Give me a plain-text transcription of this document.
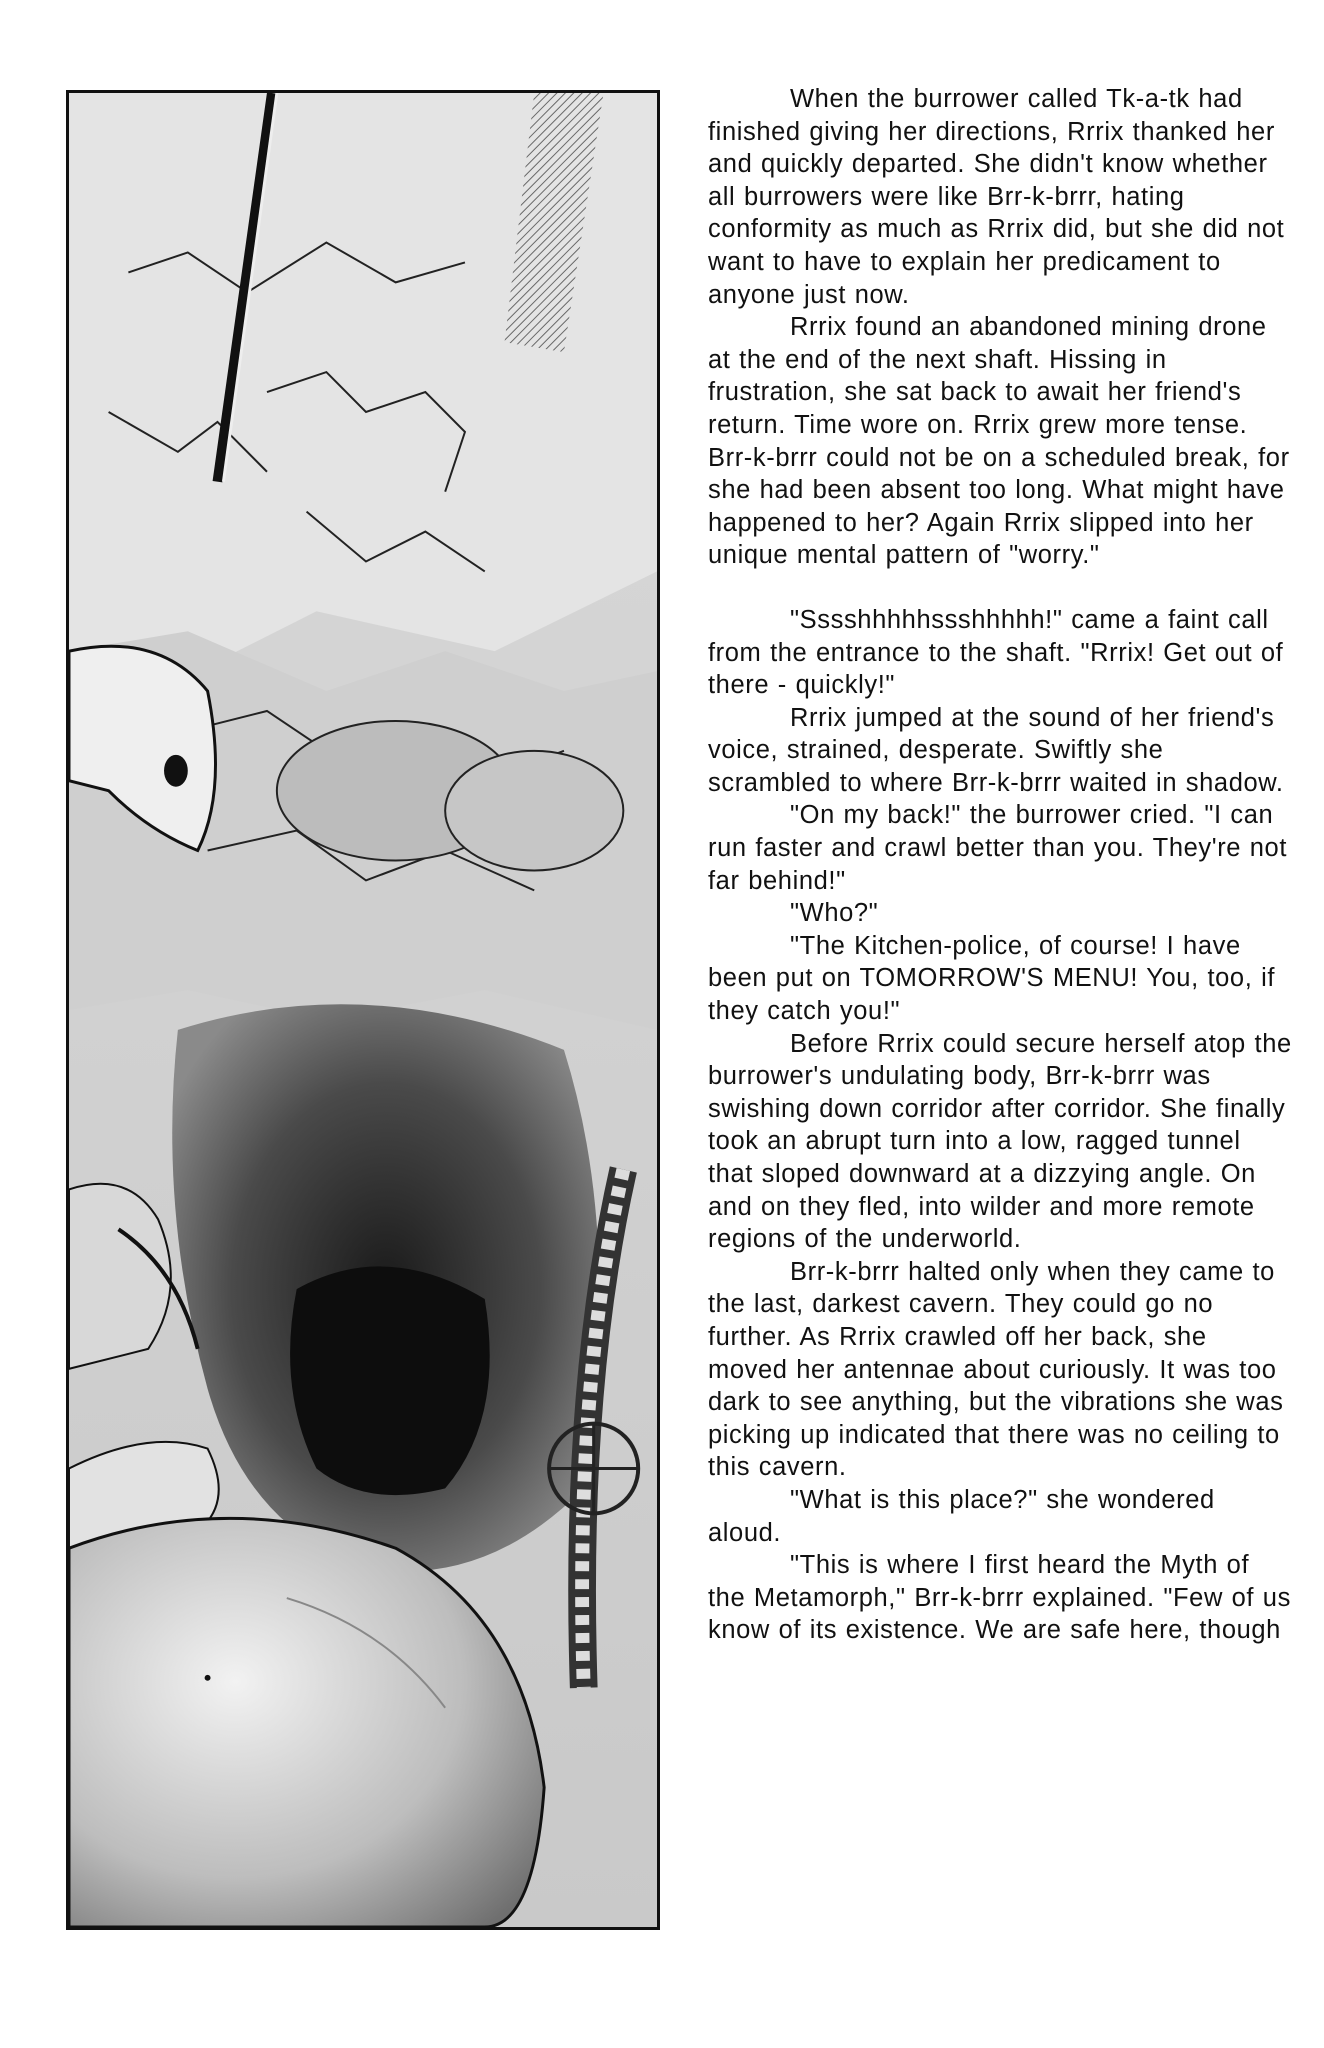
When the burrower called Tk-a-tk had finished giving her directions, Rrrix thanked her and quickly departed. She didn't know whether all burrowers were like Brr-k-brrr, hating conformity as much as Rrrix did, but she did not want to have to explain her predicament to anyone just now.

Rrrix found an abandoned mining drone at the end of the next shaft. Hissing in frustration, she sat back to await her friend's return. Time wore on. Rrrix grew more tense. Brr-k-brrr could not be on a scheduled break, for she had been absent too long. What might have happened to her? Again Rrrix slipped into her unique mental pattern of "worry."

"Sssshhhhhssshhhhh!" came a faint call from the entrance to the shaft. "Rrrix! Get out of there - quickly!"

Rrrix jumped at the sound of her friend's voice, strained, desperate. Swiftly she scrambled to where Brr-k-brrr waited in shadow.

"On my back!" the burrower cried. "I can run faster and crawl better than you. They're not far behind!"

"Who?"

"The Kitchen-police, of course! I have been put on TOMORROW'S MENU! You, too, if they catch you!"

Before Rrrix could secure herself atop the burrower's undulating body, Brr-k-brrr was swishing down corridor after corridor. She finally took an abrupt turn into a low, ragged tunnel that sloped downward at a dizzying angle. On and on they fled, into wilder and more remote regions of the underworld.

Brr-k-brrr halted only when they came to the last, darkest cavern. They could go no further. As Rrrix crawled off her back, she moved her antennae about curiously. It was too dark to see anything, but the vibrations she was picking up indicated that there was no ceiling to this cavern.

"What is this place?" she wondered aloud.

"This is where I first heard the Myth of the Metamorph," Brr-k-brrr explained. "Few of us know of its existence. We are safe here, though
